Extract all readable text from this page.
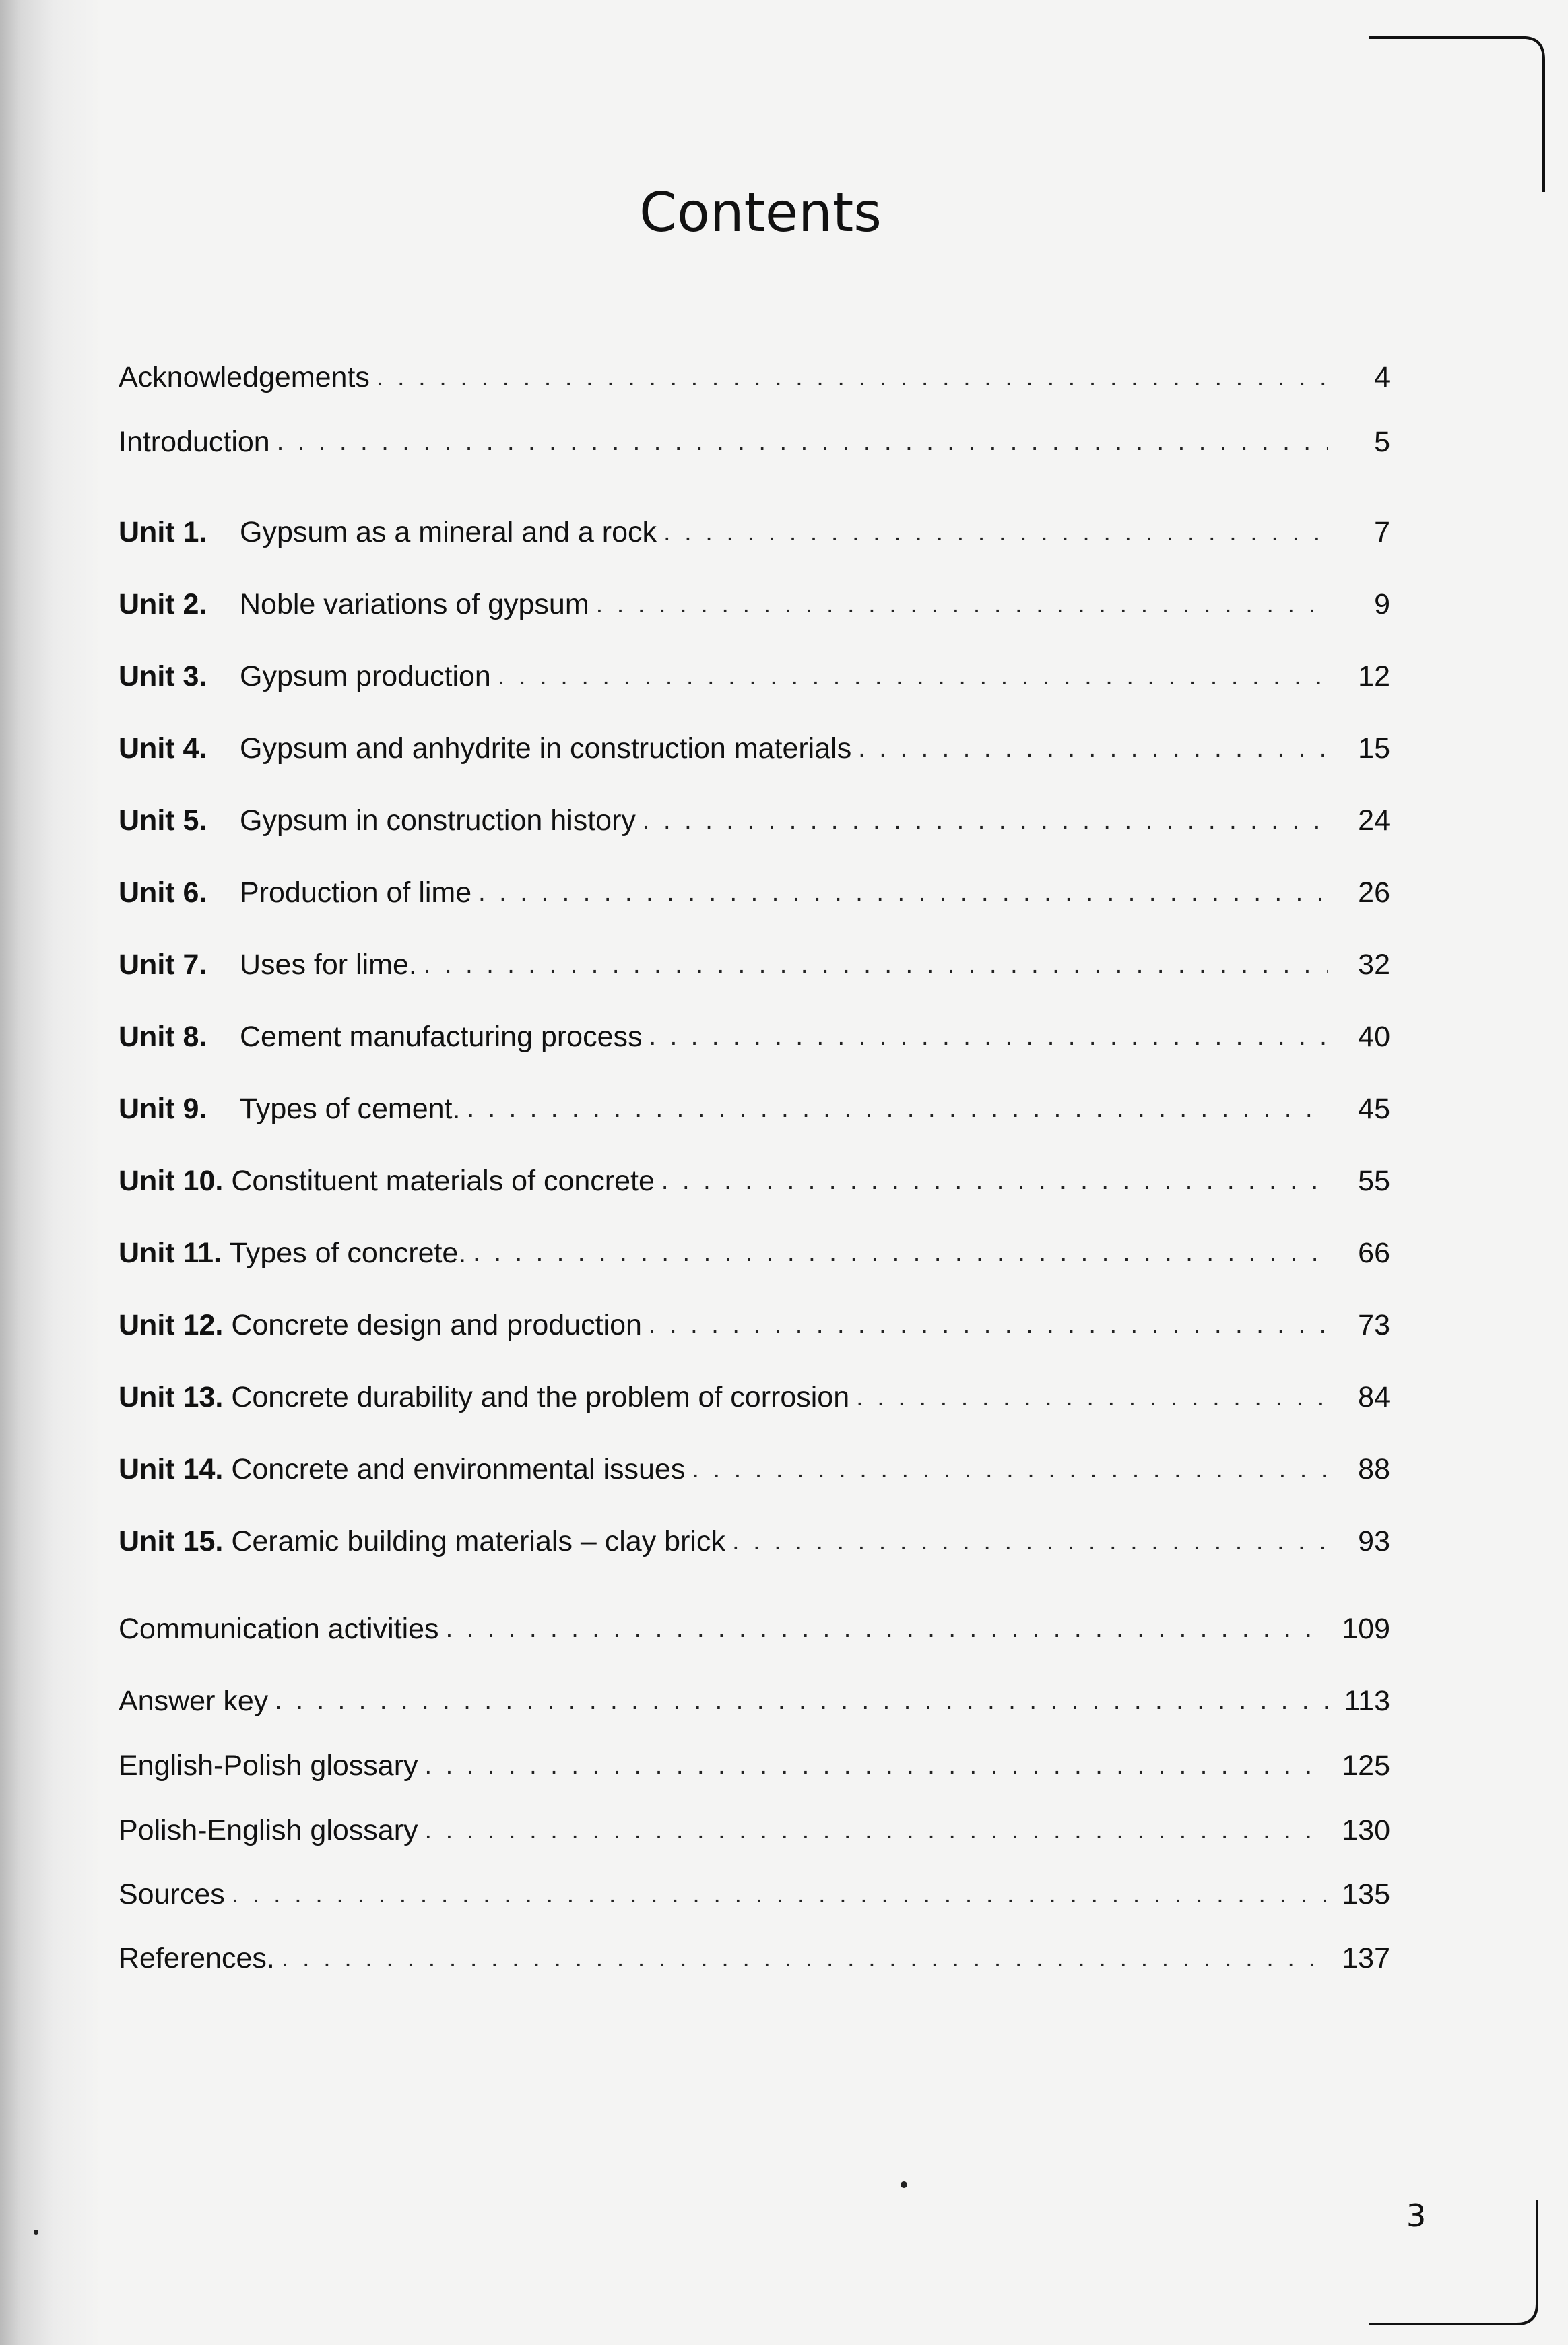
Contents
Acknowledgements . . .	4
Introduction . . .	5
Unit 1.	Gypsum as a mineral and a rock . . .	7
Unit 2.	Noble variations of gypsum . . .	9
Unit 3.	Gypsum production . . .	12
Unit 4.	Gypsum and anhydrite in construction materials . . .	15
Unit 5.	Gypsum in construction history . . .	24
Unit 6.	Production of lime . . .	26
Unit 7.	Uses for lime. . . .	32
Unit 8.	Cement manufacturing process . . .	40
Unit 9.	Types of cement. . . .	45
Unit 10. Constituent materials of concrete . . .	55
Unit 11. Types of concrete. . . .	66
Unit 12. Concrete design and production . . .	73
Unit 13. Concrete durability and the problem of corrosion . . .	84
Unit 14. Concrete and environmental issues . . .	88
Unit 15. Ceramic building materials – clay brick . . .	93
Communication activities . . .	109
Answer key . . .	113
English-Polish glossary . . .	125
Polish-English glossary . . .	130
Sources . . .	135
References. . . .	137
3
